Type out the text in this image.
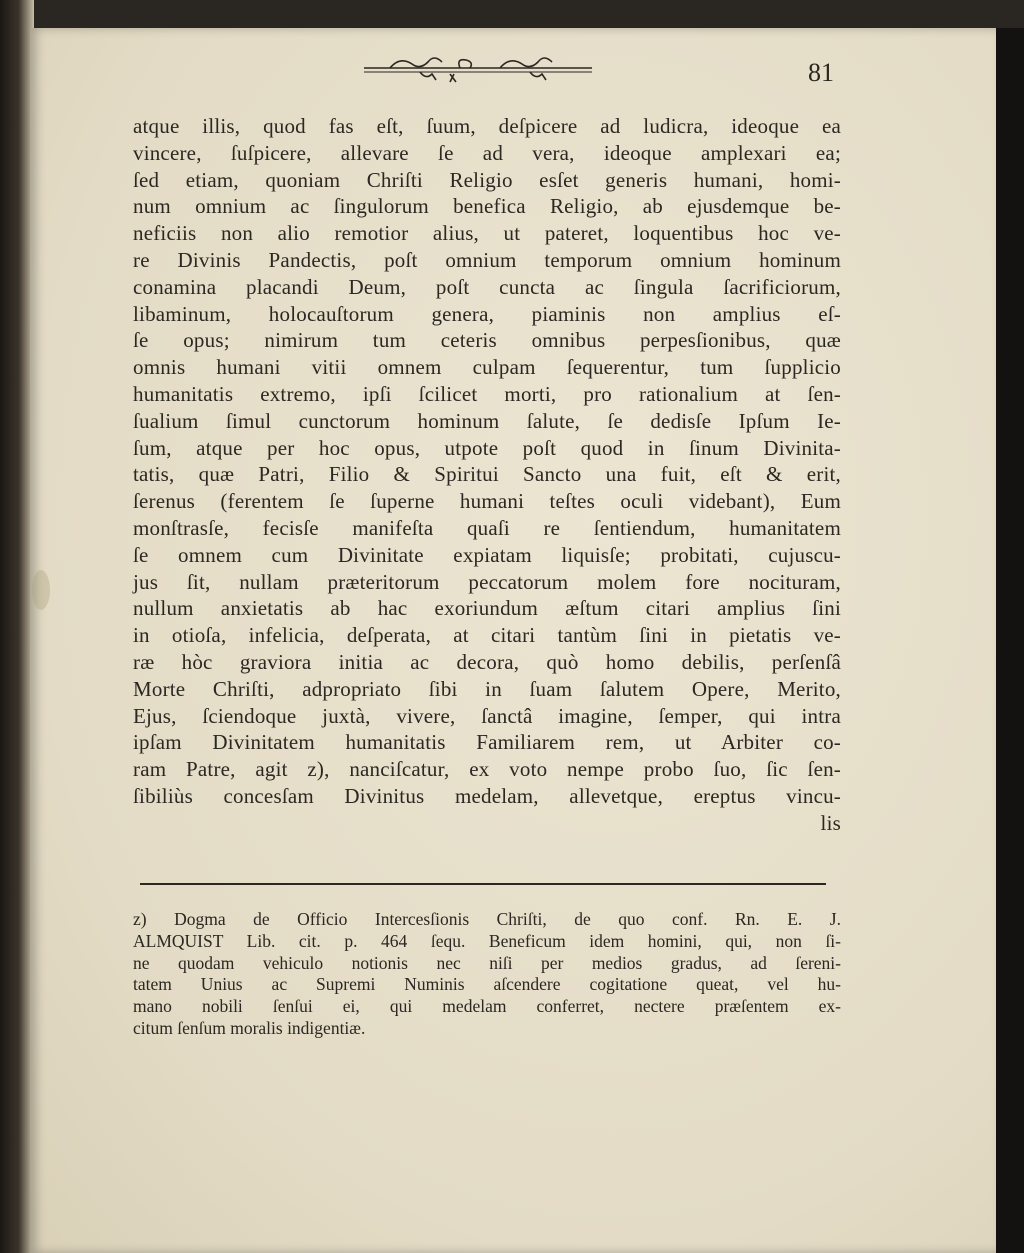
81
atque illis, quod fas eſt, ſuum, deſpicere ad ludicra, ideoque ea
vincere, ſuſpicere, allevare ſe ad vera, ideoque amplexari ea;
ſed etiam, quoniam Chriſti Religio esſet generis humani, homi-
num omnium ac ſingulorum benefica Religio, ab ejusdemque be-
neficiis non alio remotior alius, ut pateret, loquentibus hoc ve-
re Divinis Pandectis, poſt omnium temporum omnium hominum
conamina placandi Deum, poſt cuncta ac ſingula ſacrificiorum,
libaminum, holocauſtorum genera, piaminis non amplius eſ-
ſe opus; nimirum tum ceteris omnibus perpesſionibus, quæ
omnis humani vitii omnem culpam ſequerentur, tum ſupplicio
humanitatis extremo, ipſi ſcilicet morti, pro rationalium at ſen-
ſualium ſimul cunctorum hominum ſalute, ſe dedisſe Ipſum Ie-
ſum, atque per hoc opus, utpote poſt quod in ſinum Divinita-
tatis, quæ Patri, Filio & Spiritui Sancto una fuit, eſt & erit,
ſerenus (ferentem ſe ſuperne humani teſtes oculi videbant), Eum
monſtrasſe, fecisſe manifeſta quaſi re ſentiendum, humanitatem
ſe omnem cum Divinitate expiatam liquisſe; probitati, cujuscu-
jus ſit, nullam præteritorum peccatorum molem fore nocituram,
nullum anxietatis ab hac exoriundum æſtum citari amplius ſini
in otioſa, infelicia, deſperata, at citari tantùm ſini in pietatis ve-
ræ hòc graviora initia ac decora, quò homo debilis, perſenſâ
Morte Chriſti, adpropriato ſibi in ſuam ſalutem Opere, Merito,
Ejus, ſciendoque juxtà, vivere, ſanctâ imagine, ſemper, qui intra
ipſam Divinitatem humanitatis Familiarem rem, ut Arbiter co-
ram Patre, agit z), nanciſcatur, ex voto nempe probo ſuo, ſic ſen-
ſibiliùs concesſam Divinitus medelam, allevetque, ereptus vincu-
lis
z) Dogma de Officio Intercesſionis Chriſti, de quo conf. Rn. E. J.
ALMQUIST Lib. cit. p. 464 ſequ. Beneficum idem homini, qui, non ſi-
ne quodam vehiculo notionis nec niſi per medios gradus, ad ſereni-
tatem Unius ac Supremi Numinis aſcendere cogitatione queat, vel hu-
mano nobili ſenſui ei, qui medelam conferret, nectere præſentem ex-
citum ſenſum moralis indigentiæ.
